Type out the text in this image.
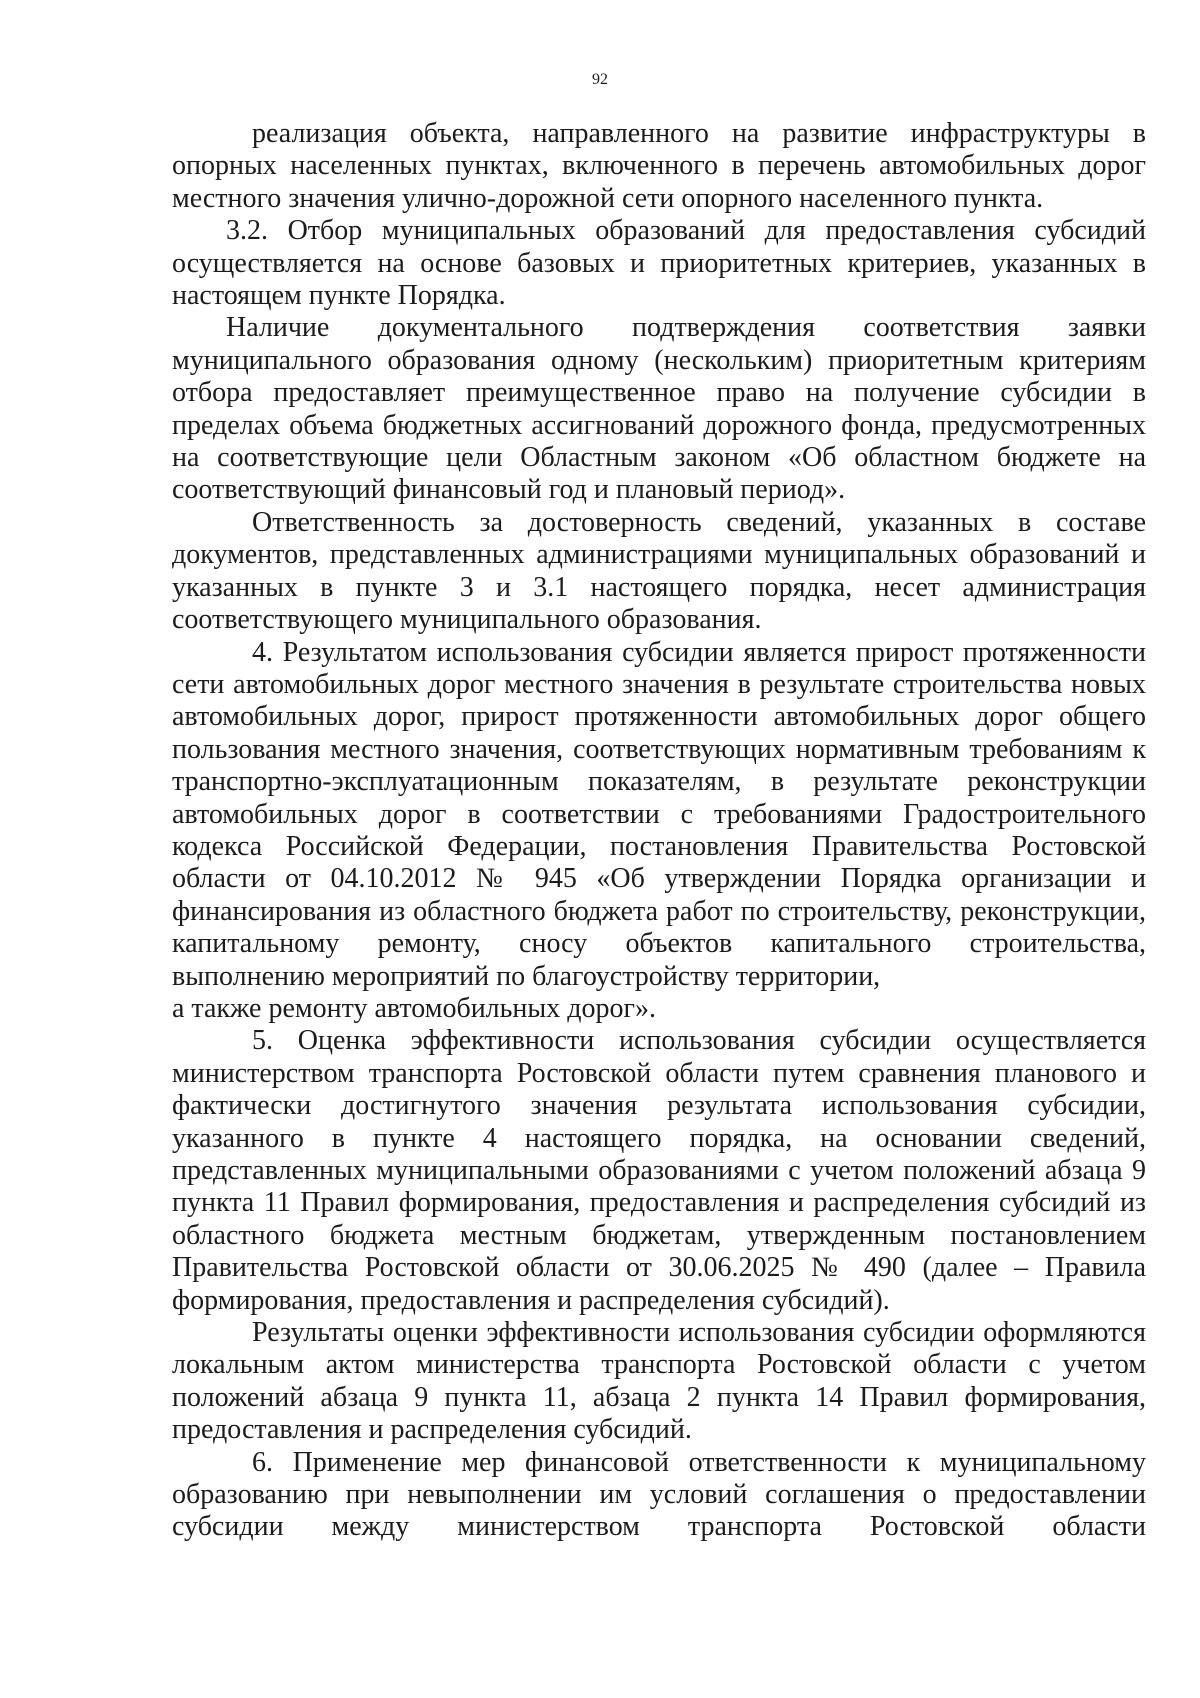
92

реализация объекта, направленного на развитие инфраструктуры в опорных населенных пунктах, включенного в перечень автомобильных дорог местного значения улично-дорожной сети опорного населенного пункта.

3.2. Отбор муниципальных образований для предоставления субсидий осуществляется на основе базовых и приоритетных критериев, указанных в настоящем пункте Порядка.

Наличие документального подтверждения соответствия заявки муниципального образования одному (нескольким) приоритетным критериям отбора предоставляет преимущественное право на получение субсидии в пределах объема бюджетных ассигнований дорожного фонда, предусмотренных на соответствующие цели Областным законом «Об областном бюджете на соответствующий финансовый год и плановый период».

Ответственность за достоверность сведений, указанных в составе документов, представленных администрациями муниципальных образований и указанных в пункте 3 и 3.1 настоящего порядка, несет администрация соответствующего муниципального образования.

4. Результатом использования субсидии является прирост протяженности сети автомобильных дорог местного значения в результате строительства новых автомобильных дорог, прирост протяженности автомобильных дорог общего пользования местного значения, соответствующих нормативным требованиям к транспортно-эксплуатационным показателям, в результате реконструкции автомобильных дорог в соответствии с требованиями Градостроительного кодекса Российской Федерации, постановления Правительства Ростовской области от 04.10.2012 № 945 «Об утверждении Порядка организации и финансирования из областного бюджета работ по строительству, реконструкции, капитальному ремонту, сносу объектов капитального строительства, выполнению мероприятий по благоустройству территории,

а также ремонту автомобильных дорог».

5. Оценка эффективности использования субсидии осуществляется министерством транспорта Ростовской области путем сравнения планового и фактически достигнутого значения результата использования субсидии, указанного в пункте 4 настоящего порядка, на основании сведений, представленных муниципальными образованиями с учетом положений абзаца 9 пункта 11 Правил формирования, предоставления и распределения субсидий из областного бюджета местным бюджетам, утвержденным постановлением Правительства Ростовской области от 30.06.2025 № 490 (далее – Правила формирования, предоставления и распределения субсидий).

Результаты оценки эффективности использования субсидии оформляются локальным актом министерства транспорта Ростовской области с учетом положений абзаца 9 пункта 11, абзаца 2 пункта 14 Правил формирования, предоставления и распределения субсидий.

6. Применение мер финансовой ответственности к муниципальному образованию при невыполнении им условий соглашения о предоставлении субсидии между министерством транспорта Ростовской области
